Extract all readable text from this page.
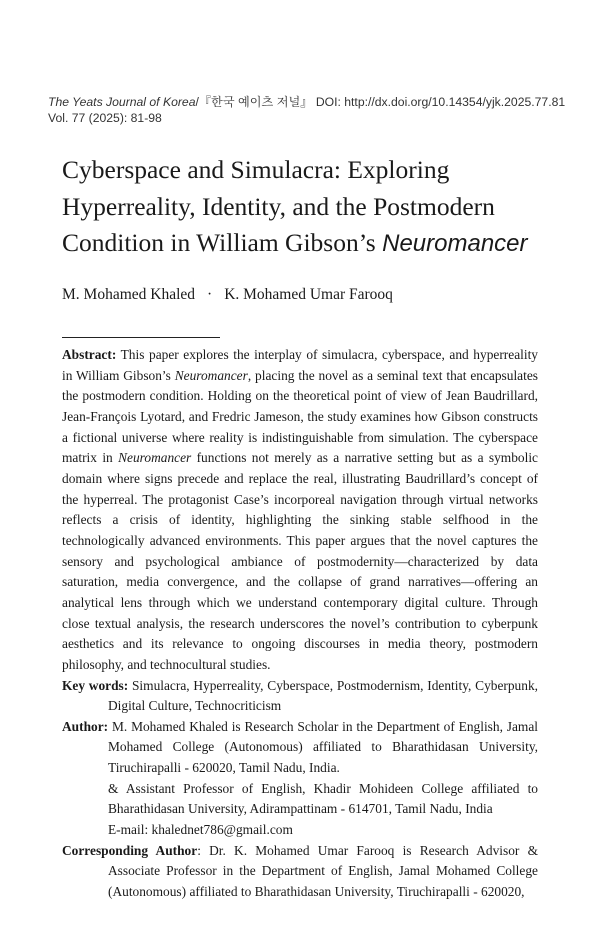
The Yeats Journal of Korea/『한국 예이츠 저널』 DOI: http://dx.doi.org/10.14354/yjk.2025.77.81
Vol. 77 (2025): 81-98
Cyberspace and Simulacra: Exploring
Hyperreality, Identity, and the Postmodern
Condition in William Gibson’s Neuromancer
M. Mohamed Khaled · K. Mohamed Umar Farooq

Abstract: This paper explores the interplay of simulacra, cyberspace, and hyperreality in William Gibson’s Neuromancer, placing the novel as a seminal text that encapsulates the postmodern condition. Holding on the theoretical point of view of Jean Baudrillard, Jean-François Lyotard, and Fredric Jameson, the study examines how Gibson constructs a fictional universe where reality is indistinguishable from simulation. The cyberspace matrix in Neuromancer functions not merely as a narrative setting but as a symbolic domain where signs precede and replace the real, illustrating Baudrillard’s concept of the hyperreal. The protagonist Case’s incorporeal navigation through virtual networks reflects a crisis of identity, highlighting the sinking stable selfhood in the technologically advanced environments. This paper argues that the novel captures the sensory and psychological ambiance of postmodernity—characterized by data saturation, media convergence, and the collapse of grand narratives—offering an analytical lens through which we understand contemporary digital culture. Through close textual analysis, the research underscores the novel’s contribution to cyberpunk aesthetics and its relevance to ongoing discourses in media theory, postmodern philosophy, and technocultural studies.

Key words: Simulacra, Hyperreality, Cyberspace, Postmodernism, Identity, Cyberpunk, Digital Culture, Technocriticism

Author: M. Mohamed Khaled is Research Scholar in the Department of English, Jamal Mohamed College (Autonomous) affiliated to Bharathidasan University, Tiruchirapalli - 620020, Tamil Nadu, India.
& Assistant Professor of English, Khadir Mohideen College affiliated to Bharathidasan University, Adirampattinam - 614701, Tamil Nadu, India
E-mail: khalednet786@gmail.com

Corresponding Author: Dr. K. Mohamed Umar Farooq is Research Advisor & Associate Professor in the Department of English, Jamal Mohamed College (Autonomous) affiliated to Bharathidasan University, Tiruchirapalli - 620020,
